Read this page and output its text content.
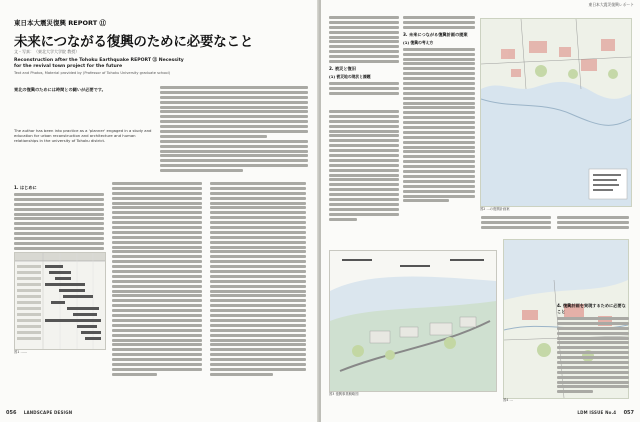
東日本大震災復興 REPORT ⑪
未来につながる復興のために必要なこと
文・写真：（東北大学大学院 教授）
Reconstruction after the Tohoku Earthquake REPORT ⑪ Necessity for the revival town project for the future
Text and Photos, Material provided by (Professor of Tohoku University graduate school)
東北の復興のためには時間との闘いが必要です。
The author has been into practice as a 'planner' engaged in a study and education for urban reconstruction and architecture and human relationships in the university of Tohoku district.
1. はじめに
図1 ……
056 LANDSCAPE DESIGN
東日本大震災復興レポート
2. 被災と復旧
(1) 被災地の現状と課題
3. 未来につながる復興計画の提案
(1) 復興の考え方
図2 …の復興計画案
図3 復興事業概略図
4. 復興計画を実現するために必要なこと
図4 …
LDM ISSUE No.4 057
